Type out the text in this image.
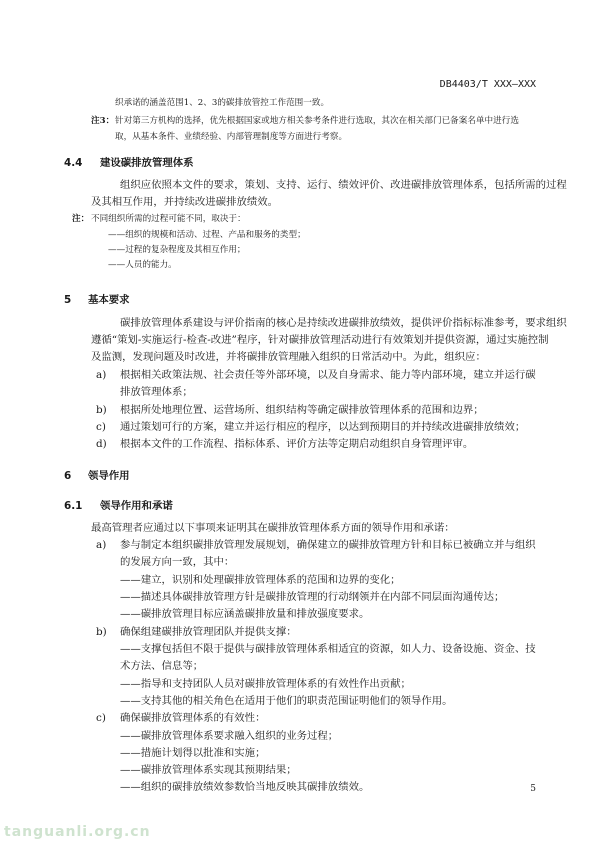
DB4403/T XXX—XXX
织承诺的涵盖范围1、2、3的碳排放管控工作范围一致。
注3： 针对第三方机构的选择，优先根据国家或地方相关参考条件进行选取，其次在相关部门已备案名单中进行选
取，从基本条件、业绩经验、内部管理制度等方面进行考察。
4.4 建设碳排放管理体系
组织应依照本文件的要求，策划、支持、运行、绩效评价、改进碳排放管理体系，包括所需的过程
及其相互作用，并持续改进碳排放绩效。
注： 不同组织所需的过程可能不同，取决于：
——组织的规模和活动、过程、产品和服务的类型；
——过程的复杂程度及其相互作用；
——人员的能力。
5 基本要求
碳排放管理体系建设与评价指南的核心是持续改进碳排放绩效，提供评价指标标准参考，要求组织
遵循“策划-实施运行-检查-改进”程序，针对碳排放管理活动进行有效策划并提供资源，通过实施控制
及监测，发现问题及时改进，并将碳排放管理融入组织的日常活动中。为此，组织应：
a) 根据相关政策法规、社会责任等外部环境，以及自身需求、能力等内部环境，建立并运行碳
排放管理体系；
b) 根据所处地理位置、运营场所、组织结构等确定碳排放管理体系的范围和边界；
c) 通过策划可行的方案，建立并运行相应的程序，以达到预期目的并持续改进碳排放绩效；
d) 根据本文件的工作流程、指标体系、评价方法等定期启动组织自身管理评审。
6 领导作用
6.1 领导作用和承诺
最高管理者应通过以下事项来证明其在碳排放管理体系方面的领导作用和承诺：
a) 参与制定本组织碳排放管理发展规划，确保建立的碳排放管理方针和目标已被确立并与组织
的发展方向一致，其中：
——建立，识别和处理碳排放管理体系的范围和边界的变化；
——描述具体碳排放管理方针是碳排放管理的行动纲领并在内部不同层面沟通传达；
——碳排放管理目标应涵盖碳排放量和排放强度要求。
b) 确保组建碳排放管理团队并提供支撑：
——支撑包括但不限于提供与碳排放管理体系相适宜的资源，如人力、设备设施、资金、技
术方法、信息等；
——指导和支持团队人员对碳排放管理体系的有效性作出贡献；
——支持其他的相关角色在适用于他们的职责范围证明他们的领导作用。
c) 确保碳排放管理体系的有效性：
——碳排放管理体系要求融入组织的业务过程；
——措施计划得以批准和实施；
——碳排放管理体系实现其预期结果；
——组织的碳排放绩效参数恰当地反映其碳排放绩效。	5
tanguanli.org.cn
